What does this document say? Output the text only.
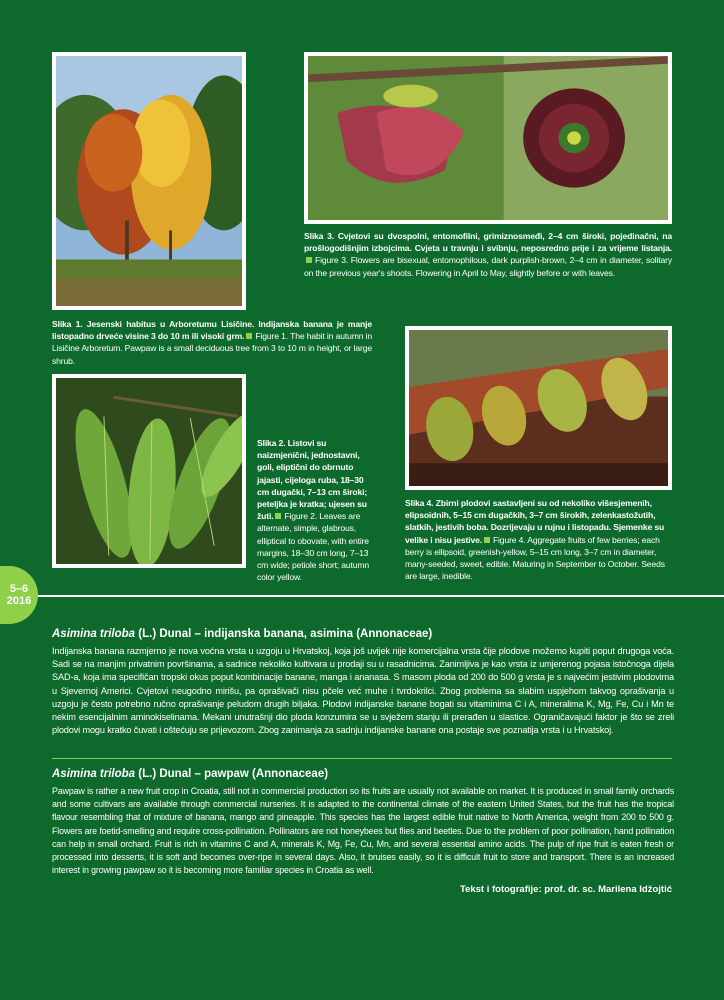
Slika 3. Cvjetovi su dvospolni, entomofilni, grimiznosmeđi, 2–4 cm široki, pojedinačni, na prošlogodišnjim izbojcima. Cvjeta u travnju i svibnju, neposredno prije i za vrijeme listanja.Figure 3. Flowers are bisexual, entomophilous, dark purplish-brown, 2–4 cm in diameter, solitary on the previous year's shoots. Flowering in April to May, slightly before or with leaves.
Slika 1. Jesenski habitus u Arboretumu Lisičine. Indijanska banana je manje listopadno drveće visine 3 do 10 m ili visoki grm. Figure 1. The habit in autumn in Lisičine Arboretum. Pawpaw is a small deciduous tree from 3 to 10 m in height, or large shrub.
Slika 2. Listovi su naizmjenični, jednostavni, goli, eliptični do obrnuto jajasti, cijeloga ruba, 18–30 cm dugački, 7–13 cm široki; peteljka je kratka; ujesen su žuti. Figure 2. Leaves are alternate, simple, glabrous, elliptical to obovate, with entire margins, 18–30 cm long, 7–13 cm wide; petiole short; autumn color yellow.
Slika 4. Zbirni plodovi sastavljeni su od nekoliko višesjemenih, elipsoidnih, 5–15 cm dugačkih, 3–7 cm širokih, zelenkastožutih, slatkih, jestivih boba. Dozrijevaju u rujnu i listopadu. Sjemenke su velike i nisu jestive. Figure 4. Aggregate fruits of few berries; each berry is ellipsoid, greenish-yellow, 5–15 cm long, 3–7 cm in diameter, many-seeded, sweet, edible. Maturing in September to October. Seeds are large, inedible.
5–6
2016
Asimina triloba (L.) Dunal – indijanska banana, asimina (Annonaceae)
Indijanska banana razmjerno je nova voćna vrsta u uzgoju u Hrvatskoj, koja još uvijek nije komercijalna vrsta čije plodove možemo kupiti poput drugoga voća. Sadi se na manjim privatnim površinama, a sadnice nekoliko kultivara u prodaji su u rasadnicima. Zanimljiva je kao vrsta iz umjerenog pojasa istočnoga dijela SAD-a, koja ima specifičan tropski okus poput kombinacije banane, manga i ananasa. S masom ploda od 200 do 500 g vrsta je s najvećim jestivim plodovima u Sjevernoj Americi. Cvjetovi neugodno mirišu, pa oprašivači nisu pčele već muhe i tvrdokrilci. Zbog problema sa slabim uspjehom takvog oprašivanja u uzgoju je često potrebno ručno oprašivanje peludom drugih biljaka. Plodovi indijanske banane bogati su vitaminima C i A, mineralima K, Mg, Fe, Cu i Mn te nekim esencijalnim aminokiselinama. Mekani unutrašnji dio ploda konzumira se u svježem stanju ili prerađen u slastice. Ograničavajući faktor je što se zreli plodovi mogu kratko čuvati i oštećuju se prijevozom. Zbog zanimanja za sadnju indijanske banane ona postaje sve poznatija vrsta i u Hrvatskoj.
Asimina triloba (L.) Dunal – pawpaw (Annonaceae)
Pawpaw is rather a new fruit crop in Croatia, still not in commercial production so its fruits are usually not available on market. It is produced in small family orchards and some cultivars are available through commercial nurseries. It is adapted to the continental climate of the eastern United States, but the fruit has the tropical flavour resembling that of mixture of banana, mango and pineapple. This species has the largest edible fruit native to North America, weight from 200 to 500 g. Flowers are foetid-smelling and require cross-pollination. Pollinators are not honeybees but flies and beetles. Due to the problem of poor pollination, hand pollination can help in small orchard. Fruit is rich in vitamins C and A, minerals K, Mg, Fe, Cu, Mn, and several essential amino acids. The pulp of ripe fruit is eaten fresh or processed into desserts, it is soft and becomes over-ripe in several days. Also, it bruises easily, so it is difficult fruit to store and transport. There is an increased interest in growing pawpaw so it is becoming more familiar species in Croatia as well.
Tekst i fotografije: prof. dr. sc. Marilena Idžojtić
